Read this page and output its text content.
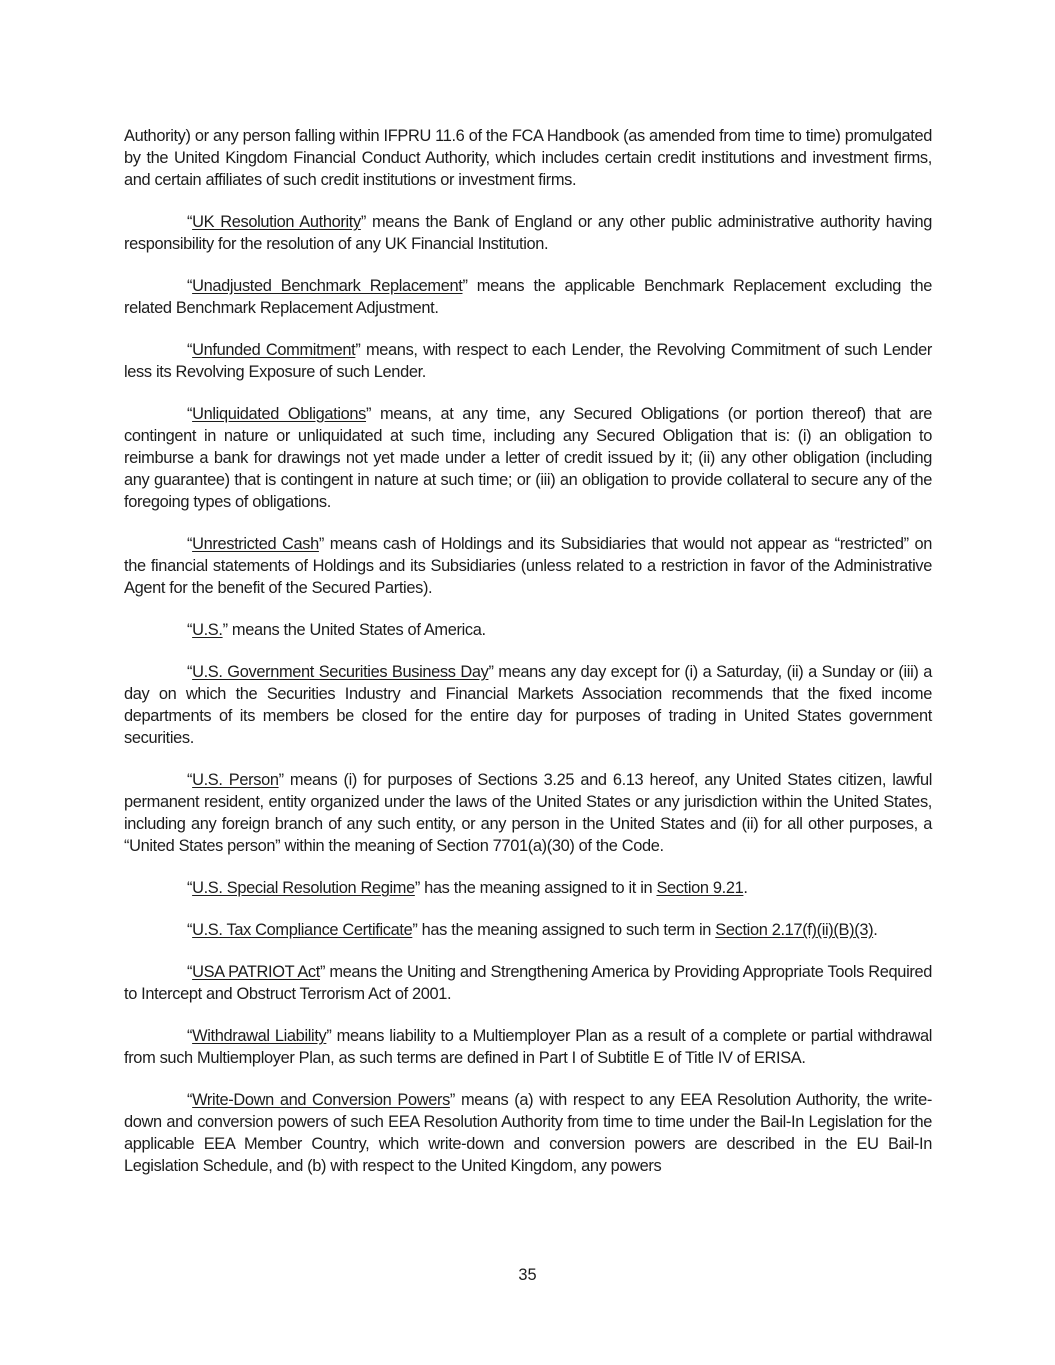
Authority) or any person falling within IFPRU 11.6 of the FCA Handbook (as amended from time to time) promulgated by the United Kingdom Financial Conduct Authority, which includes certain credit institutions and investment firms, and certain affiliates of such credit institutions or investment firms.

“UK Resolution Authority” means the Bank of England or any other public administrative authority having responsibility for the resolution of any UK Financial Institution.

“Unadjusted Benchmark Replacement” means the applicable Benchmark Replacement excluding the related Benchmark Replacement Adjustment.

“Unfunded Commitment” means, with respect to each Lender, the Revolving Commitment of such Lender less its Revolving Exposure of such Lender.

“Unliquidated Obligations” means, at any time, any Secured Obligations (or portion thereof) that are contingent in nature or unliquidated at such time, including any Secured Obligation that is: (i) an obligation to reimburse a bank for drawings not yet made under a letter of credit issued by it; (ii) any other obligation (including any guarantee) that is contingent in nature at such time; or (iii) an obligation to provide collateral to secure any of the foregoing types of obligations.

“Unrestricted Cash” means cash of Holdings and its Subsidiaries that would not appear as “restricted” on the financial statements of Holdings and its Subsidiaries (unless related to a restriction in favor of the Administrative Agent for the benefit of the Secured Parties).

“U.S.” means the United States of America.

“U.S. Government Securities Business Day” means any day except for (i) a Saturday, (ii) a Sunday or (iii) a day on which the Securities Industry and Financial Markets Association recommends that the fixed income departments of its members be closed for the entire day for purposes of trading in United States government securities.

“U.S. Person” means (i) for purposes of Sections 3.25 and 6.13 hereof, any United States citizen, lawful permanent resident, entity organized under the laws of the United States or any jurisdiction within the United States, including any foreign branch of any such entity, or any person in the United States and (ii) for all other purposes, a “United States person” within the meaning of Section 7701(a)(30) of the Code.

“U.S. Special Resolution Regime” has the meaning assigned to it in Section 9.21.

“U.S. Tax Compliance Certificate” has the meaning assigned to such term in Section 2.17(f)(ii)(B)(3).

“USA PATRIOT Act” means the Uniting and Strengthening America by Providing Appropriate Tools Required to Intercept and Obstruct Terrorism Act of 2001.

“Withdrawal Liability” means liability to a Multiemployer Plan as a result of a complete or partial withdrawal from such Multiemployer Plan, as such terms are defined in Part I of Subtitle E of Title IV of ERISA.

“Write-Down and Conversion Powers” means (a) with respect to any EEA Resolution Authority, the write-down and conversion powers of such EEA Resolution Authority from time to time under the Bail-In Legislation for the applicable EEA Member Country, which write-down and conversion powers are described in the EU Bail-In Legislation Schedule, and (b) with respect to the United Kingdom, any powers

35
